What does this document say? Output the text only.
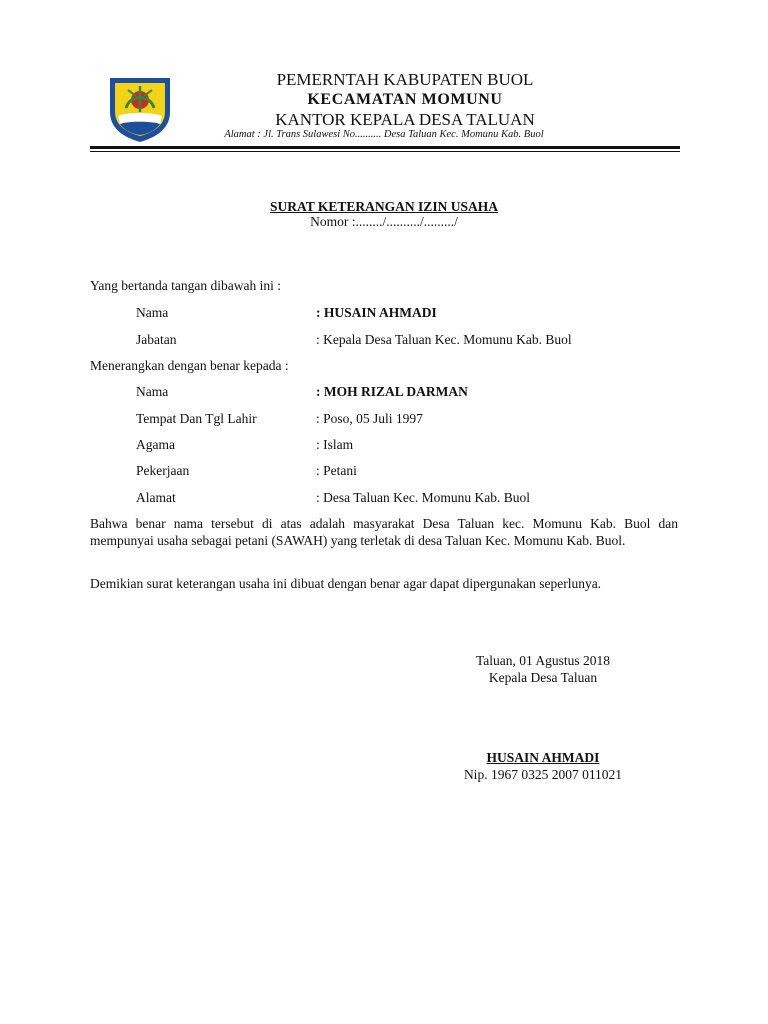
PEMERNTAH KABUPATEN BUOL
KECAMATAN MOMUNU
KANTOR KEPALA DESA TALUAN
Alamat : Jl. Trans Sulawesi No.......... Desa Taluan Kec. Momunu Kab. Buol
SURAT KETERANGAN IZIN USAHA
Nomor :......../........../........./
Yang bertanda tangan dibawah ini :
Nama	: HUSAIN AHMADI
Jabatan	: Kepala Desa Taluan Kec. Momunu Kab. Buol
Menerangkan dengan benar kepada :
Nama	: MOH RIZAL DARMAN
Tempat Dan Tgl Lahir	: Poso, 05 Juli 1997
Agama	: Islam
Pekerjaan	: Petani
Alamat	: Desa Taluan Kec. Momunu Kab. Buol
Bahwa benar nama tersebut di atas adalah masyarakat Desa Taluan kec. Momunu Kab. Buol dan mempunyai usaha sebagai petani (SAWAH) yang terletak di desa Taluan Kec. Momunu Kab. Buol.
Demikian surat keterangan usaha ini dibuat dengan benar agar dapat dipergunakan seperlunya.
Taluan, 01 Agustus 2018
Kepala Desa Taluan
HUSAIN AHMADI
Nip. 1967 0325 2007 011021
